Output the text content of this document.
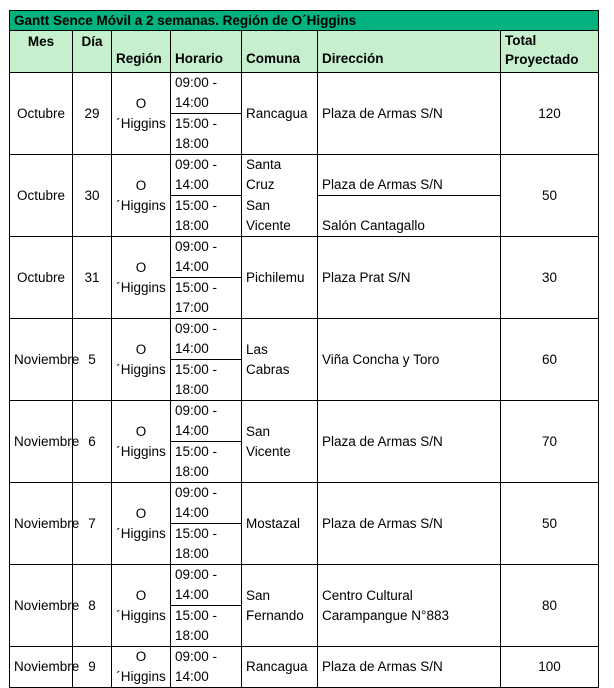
Gantt Sence Móvil a 2 semanas. Región de O´Higgins						
Mes	Día	Región	Horario	Comuna	Dirección	Total
Proyectado
Octubre	29	O´Higgins	09:00 - 14:00	Rancagua	Plaza de Armas S/N	120
			15:00 - 18:00			
Octubre	30	O´Higgins	09:00 - 14:00	Santa Cruz	Plaza de Armas S/N	50
			15:00 - 18:00	San Vicente	Salón Cantagallo	
Octubre	31	O´Higgins	09:00 - 14:00	Pichilemu	Plaza Prat S/N	30
			15:00 - 17:00			
Noviembre	5	O´Higgins	09:00 - 14:00	Las Cabras	Viña Concha y Toro	60
			15:00 - 18:00			
Noviembre	6	O´Higgins	09:00 - 14:00	San Vicente	Plaza de Armas S/N	70
			15:00 - 18:00			
Noviembre	7	O´Higgins	09:00 - 14:00	Mostazal	Plaza de Armas S/N	50
			15:00 - 18:00			
Noviembre	8	O´Higgins	09:00 - 14:00	San Fernando	Centro Cultural Carampangue N°883	80
			15:00 - 18:00			
Noviembre	9	O´Higgins	09:00 - 14:00	Rancagua	Plaza de Armas S/N	100
